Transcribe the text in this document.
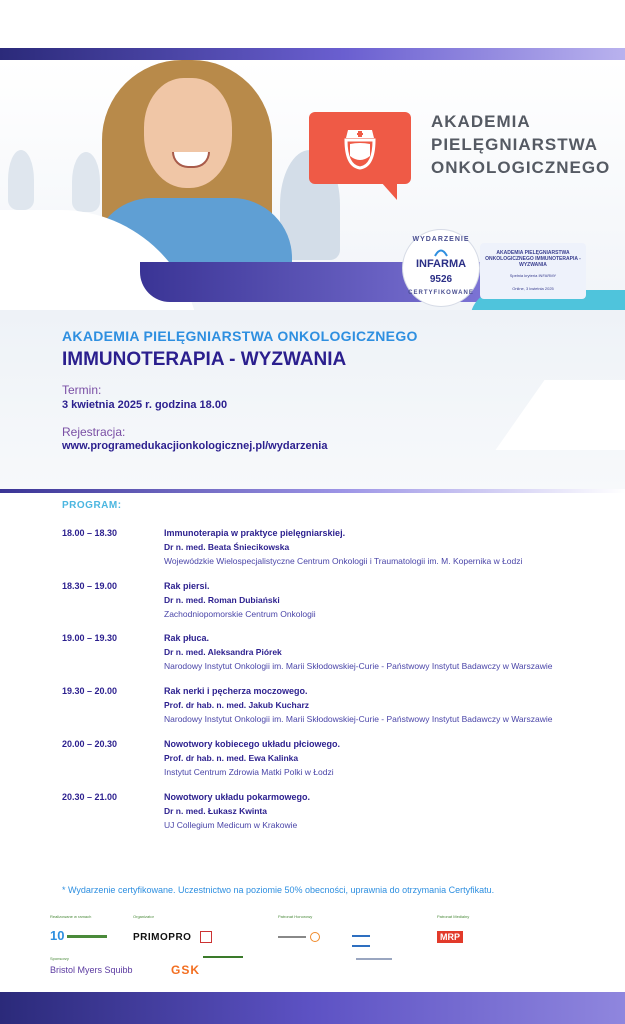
AKADEMIA
PIELĘGNIARSTWA
ONKOLOGICZNEGO
AKADEMIA PIELĘGNIARSTWA ONKOLOGICZNEGO IMMUNOTERAPIA - WYZWANIA
Spełnia kryteria INFARMY
Online, 3 kwietnia 2025
WYDARZENIE
INFARMA
9526
CERTYFIKOWANE
AKADEMIA PIELĘGNIARSTWA ONKOLOGICZNEGO
IMMUNOTERAPIA - WYZWANIA
Termin:
3 kwietnia 2025 r. godzina 18.00
Rejestracja:
www.programedukacjionkologicznej.pl/wydarzenia
PROGRAM:
18.00 – 18.30	Immunoterapia w praktyce pielęgniarskiej.
Dr n. med. Beata Śniecikowska
Wojewódzkie Wielospecjalistyczne Centrum Onkologii i Traumatologii im. M. Kopernika w Łodzi
18.30 – 19.00	Rak piersi.
Dr n. med. Roman Dubiański
Zachodniopomorskie Centrum Onkologii
19.00 – 19.30	Rak płuca.
Dr n. med. Aleksandra Piórek
Narodowy Instytut Onkologii im. Marii Skłodowskiej-Curie - Państwowy Instytut Badawczy w Warszawie
19.30 – 20.00	Rak nerki i pęcherza moczowego.
Prof. dr hab. n. med. Jakub Kucharz
Narodowy Instytut Onkologii im. Marii Skłodowskiej-Curie - Państwowy Instytut Badawczy w Warszawie
20.00 – 20.30	Nowotwory kobiecego układu płciowego.
Prof. dr hab. n. med. Ewa Kalinka
Instytut Centrum Zdrowia Matki Polki w Łodzi
20.30 – 21.00	Nowotwory układu pokarmowego.
Dr n. med. Łukasz Kwinta
UJ Collegium Medicum w Krakowie
* Wydarzenie certyfikowane. Uczestnictwo na poziomie 50% obecności, uprawnia do otrzymania Certyfikatu.
Realizowane w ramach	Organizator	Patronat Honorowy	Patronat Medialny
10	PRIMOPRO

	MRP
Sponsorzy
Bristol Myers Squibb	GSK
